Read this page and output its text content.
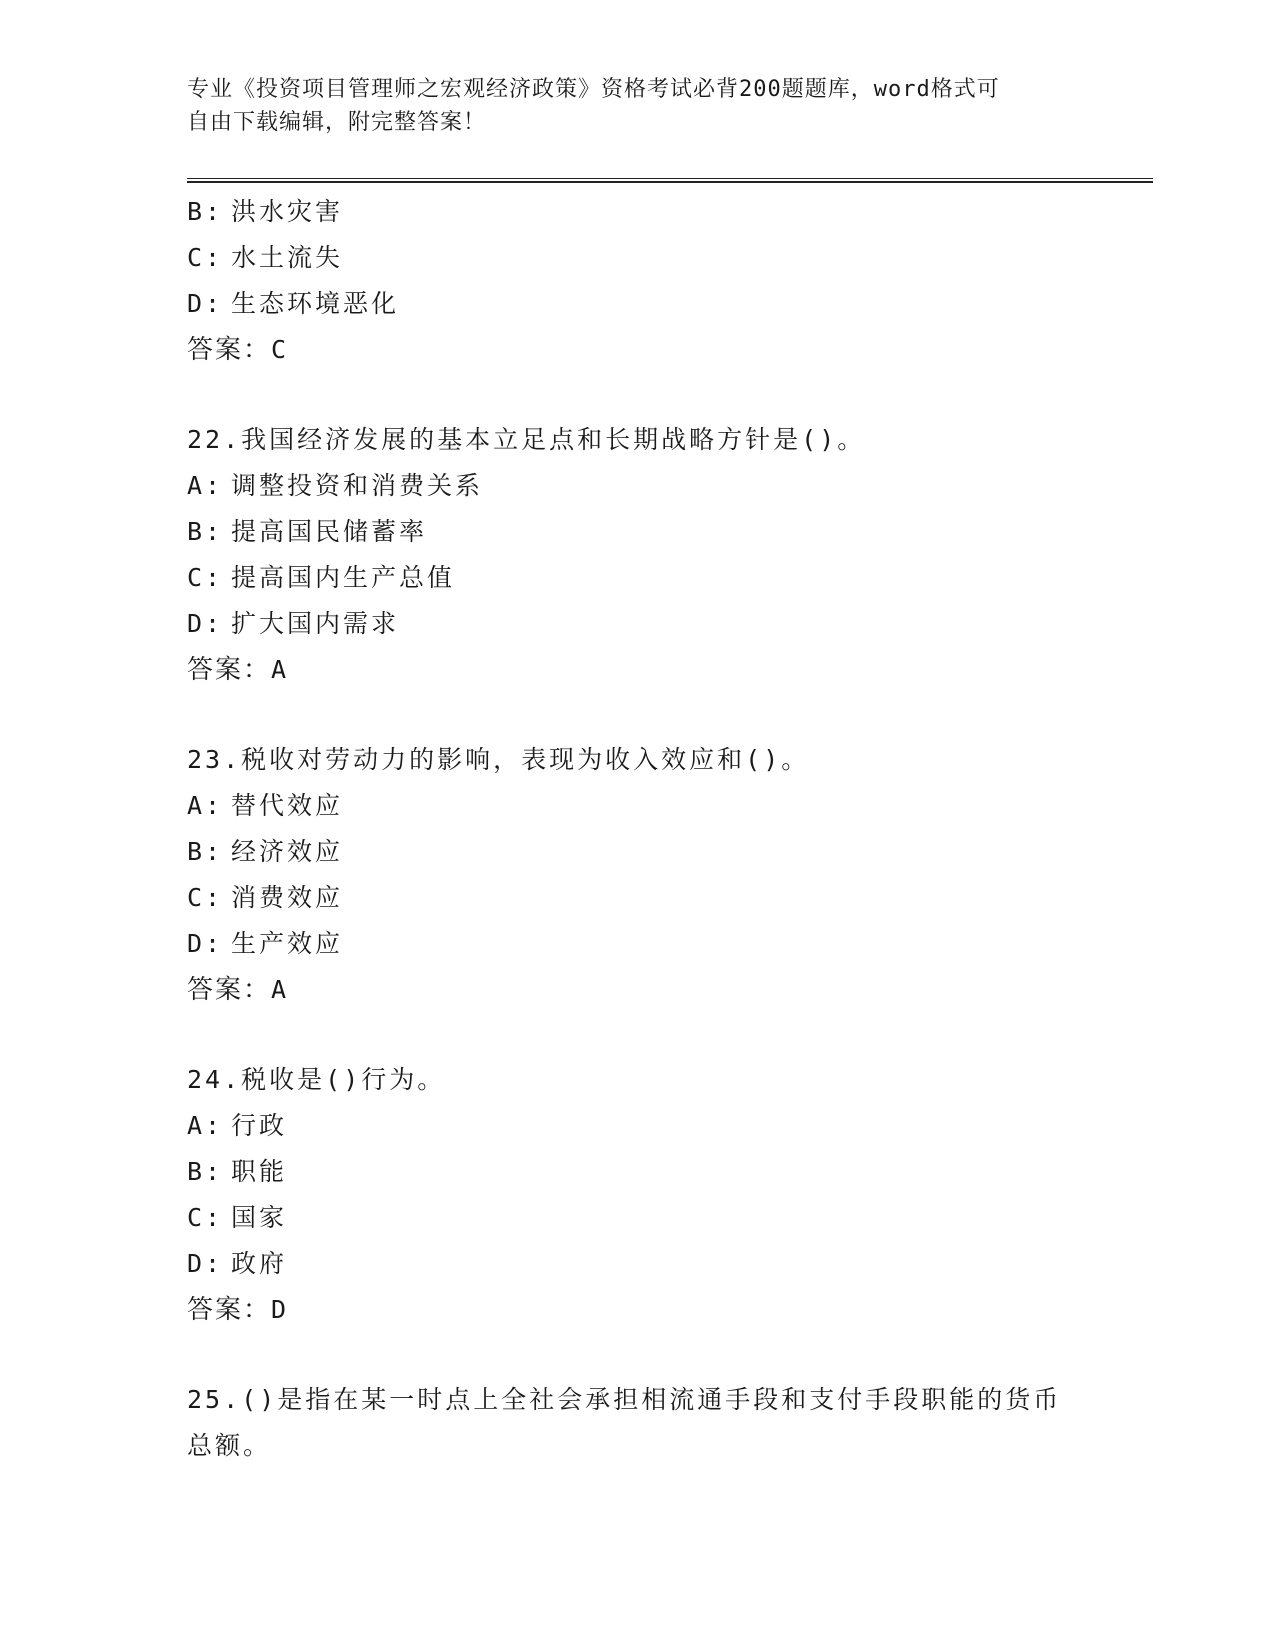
专业《投资项目管理师之宏观经济政策》资格考试必背200题题库，word格式可
自由下载编辑，附完整答案！
B: 洪水灾害
C: 水土流失
D: 生态环境恶化
答案：C
22.我国经济发展的基本立足点和长期战略方针是()。
A: 调整投资和消费关系
B: 提高国民储蓄率
C: 提高国内生产总值
D: 扩大国内需求
答案：A
23.税收对劳动力的影响，表现为收入效应和()。
A: 替代效应
B: 经济效应
C: 消费效应
D: 生产效应
答案：A
24.税收是()行为。
A: 行政
B: 职能
C: 国家
D: 政府
答案：D
25.()是指在某一时点上全社会承担相流通手段和支付手段职能的货币
总额。
